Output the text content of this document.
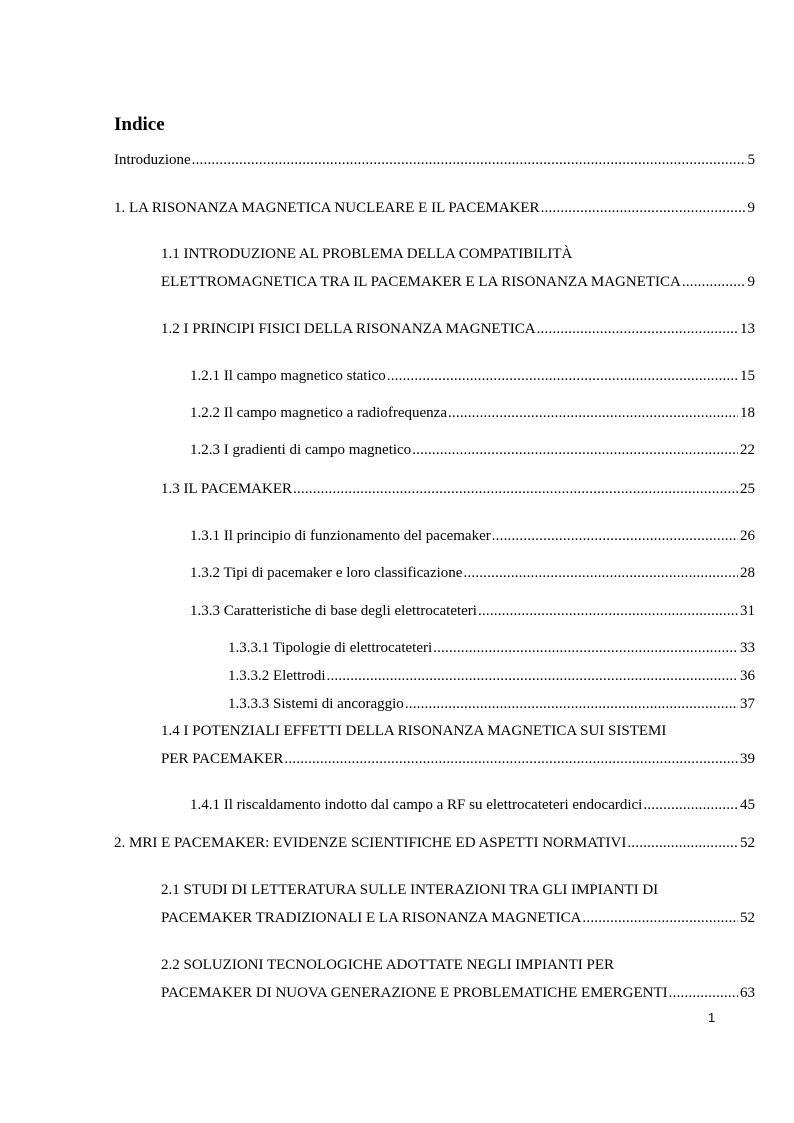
Indice
Introduzione .....	5
1. LA RISONANZA MAGNETICA NUCLEARE E IL PACEMAKER .....	9
1.1 INTRODUZIONE AL PROBLEMA DELLA COMPATIBILITÀ
ELETTROMAGNETICA TRA IL PACEMAKER E LA RISONANZA MAGNETICA .....	9
1.2 I PRINCIPI FISICI DELLA RISONANZA MAGNETICA .....	13
1.2.1 Il campo magnetico statico .....	15
1.2.2 Il campo magnetico a radiofrequenza .....	18
1.2.3 I gradienti di campo magnetico .....	22
1.3 IL PACEMAKER .....	25
1.3.1 Il principio di funzionamento del pacemaker .....	26
1.3.2 Tipi di pacemaker e loro classificazione .....	28
1.3.3 Caratteristiche di base degli elettrocateteri .....	31
1.3.3.1 Tipologie di elettrocateteri .....	33
1.3.3.2 Elettrodi .....	36
1.3.3.3 Sistemi di ancoraggio .....	37
1.4 I POTENZIALI EFFETTI DELLA RISONANZA MAGNETICA SUI SISTEMI
PER PACEMAKER .....	39
1.4.1 Il riscaldamento indotto dal campo a RF su elettrocateteri endocardici .....	45
2. MRI E PACEMAKER: EVIDENZE SCIENTIFICHE ED ASPETTI NORMATIVI .....	52
2.1 STUDI DI LETTERATURA SULLE INTERAZIONI TRA GLI IMPIANTI DI
PACEMAKER TRADIZIONALI E LA RISONANZA MAGNETICA .....	52
2.2 SOLUZIONI TECNOLOGICHE ADOTTATE NEGLI IMPIANTI PER
PACEMAKER DI NUOVA GENERAZIONE E PROBLEMATICHE EMERGENTI .....	63
1
